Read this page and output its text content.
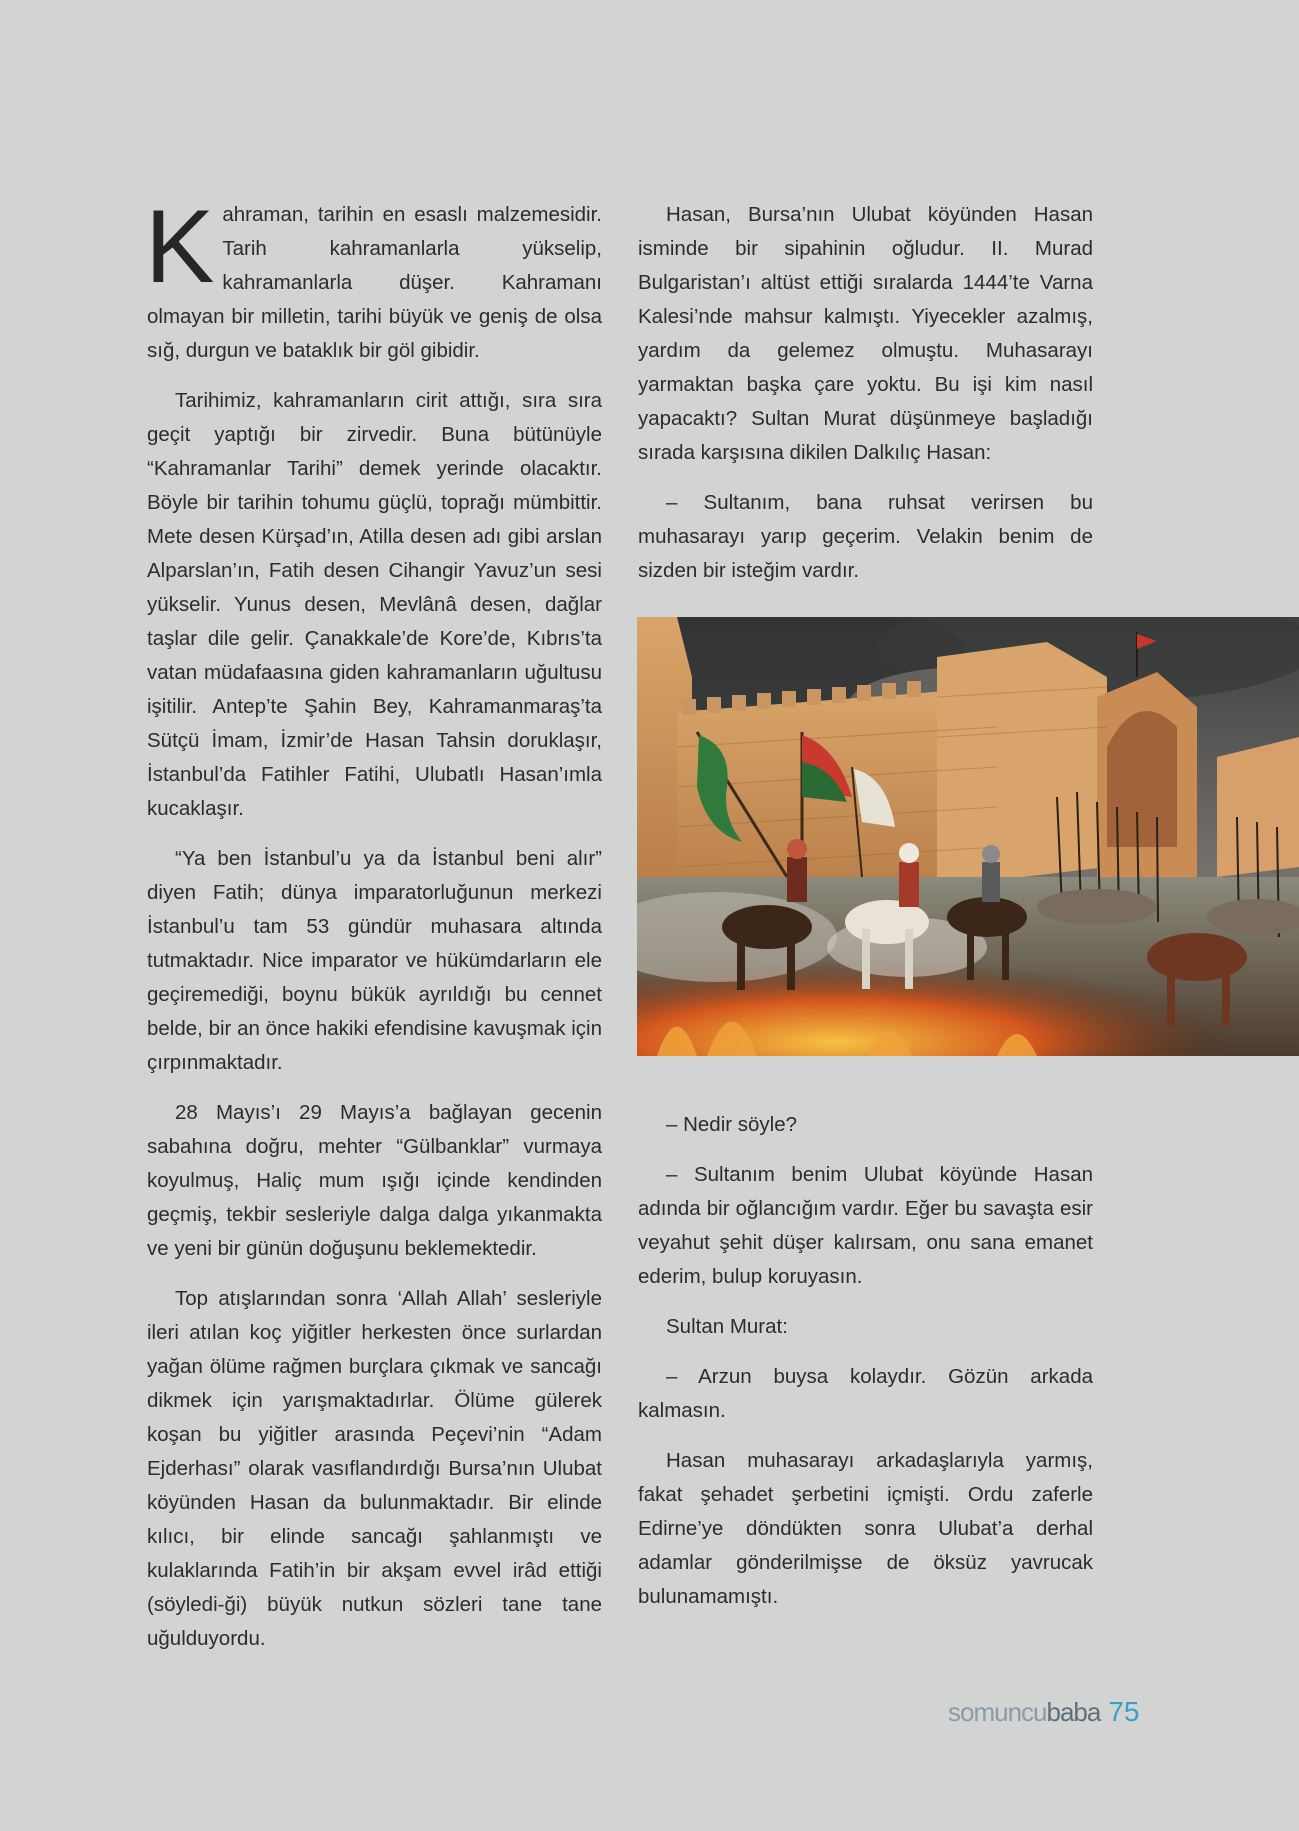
Kahraman, tarihin en esaslı malzemesidir. Tarih kahramanlarla yükselip, kahramanlarla düşer. Kahramanı olmayan bir milletin, tarihi büyük ve geniş de olsa sığ, durgun ve bataklık bir göl gibidir.

Tarihimiz, kahramanların cirit attığı, sıra sıra geçit yaptığı bir zirvedir. Buna bütünüyle “Kahramanlar Tarihi” demek yerinde olacaktır. Böyle bir tarihin tohumu güçlü, toprağı mümbittir. Mete desen Kürşad’ın, Atilla desen adı gibi arslan Alparslan’ın, Fatih desen Cihangir Yavuz’un sesi yükselir. Yunus desen, Mevlânâ desen, dağlar taşlar dile gelir. Çanakkale’de Kore’de, Kıbrıs’ta vatan müdafaasına giden kahramanların uğultusu işitilir. Antep’te Şahin Bey, Kahramanmaraş’ta Sütçü İmam, İzmir’de Hasan Tahsin doruklaşır, İstanbul’da Fatihler Fatihi, Ulubatlı Hasan’ımla kucaklaşır.

“Ya ben İstanbul’u ya da İstanbul beni alır” diyen Fatih; dünya imparatorluğunun merkezi İstanbul’u tam 53 gündür muhasara altında tutmaktadır. Nice imparator ve hükümdarların ele geçiremediği, boynu bükük ayrıldığı bu cennet belde, bir an önce hakiki efendisine kavuşmak için çırpınmaktadır.

28 Mayıs’ı 29 Mayıs’a bağlayan gecenin sabahına doğru, mehter “Gülbanklar” vurmaya koyulmuş, Haliç mum ışığı içinde kendinden geçmiş, tekbir sesleriyle dalga dalga yıkanmakta ve yeni bir günün doğuşunu beklemektedir.

Top atışlarından sonra ‘Allah Allah’ sesleriyle ileri atılan koç yiğitler herkesten önce surlardan yağan ölüme rağmen burçlara çıkmak ve sancağı dikmek için yarışmaktadırlar. Ölüme gülerek koşan bu yiğitler arasında Peçevi’nin “Adam Ejderhası” olarak vasıflandırdığı Bursa’nın Ulubat köyünden Hasan da bulunmaktadır. Bir elinde kılıcı, bir elinde sancağı şahlanmıştı ve kulaklarında Fatih’in bir akşam evvel irâd ettiği (söyledi-ği) büyük nutkun sözleri tane tane uğulduyordu.

Hasan, Bursa’nın Ulubat köyünden Hasan isminde bir sipahinin oğludur. II. Murad Bulgaristan’ı altüst ettiği sıralarda 1444’te Varna Kalesi’nde mahsur kalmıştı. Yiyecekler azalmış, yardım da gelemez olmuştu. Muhasarayı yarmaktan başka çare yoktu. Bu işi kim nasıl yapacaktı? Sultan Murat düşünmeye başladığı sırada karşısına dikilen Dalkılıç Hasan:

– Sultanım, bana ruhsat verirsen bu muhasarayı yarıp geçerim. Velakin benim de sizden bir isteğim vardır.

– Nedir söyle?

– Sultanım benim Ulubat köyünde Hasan adında bir oğlancığım vardır. Eğer bu savaşta esir veyahut şehit düşer kalırsam, onu sana emanet ederim, bulup koruyasın.

Sultan Murat:

– Arzun buysa kolaydır. Gözün arkada kalmasın.

Hasan muhasarayı arkadaşlarıyla yarmış, fakat şehadet şerbetini içmişti. Ordu zaferle Edirne’ye döndükten sonra Ulubat’a derhal adamlar gönderilmişse de öksüz yavrucak bulunamamıştı.

somuncu baba 75
